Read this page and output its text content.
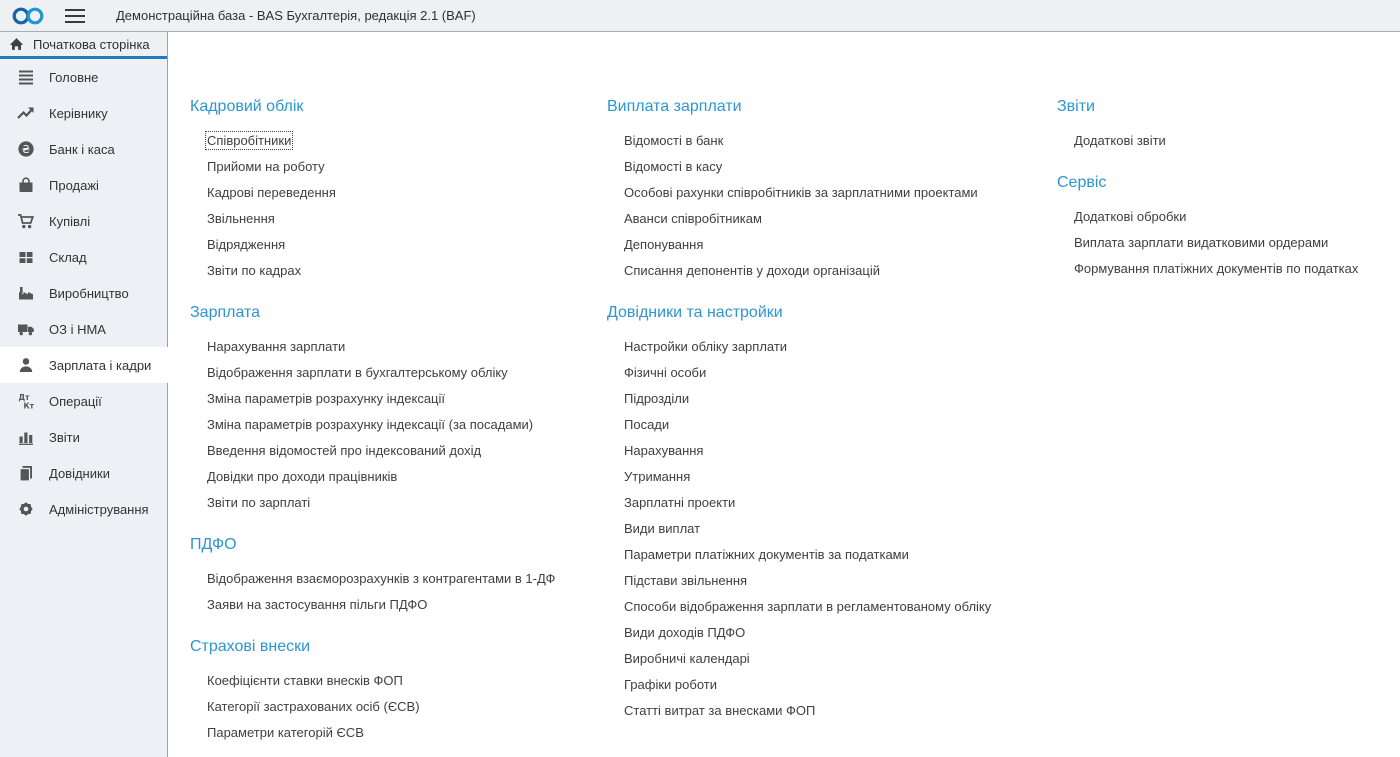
Демонстраційна база - BAS Бухгалтерія, редакція 2.1 (BAF)
Початкова сторінка
Головне
Керівнику
₴ Банк і каса
Продажі
Купівлі
Склад
Виробництво
ОЗ і НМА
Зарплата і кадри
Дт
Кт Операції
Звіти
Довідники
Адміністрування
Кадровий облік
Співробітники
Прийоми на роботу
Кадрові переведення
Звільнення
Відрядження
Звіти по кадрах
Зарплата
Нарахування зарплати
Відображення зарплати в бухгалтерському обліку
Зміна параметрів розрахунку індексації
Зміна параметрів розрахунку індексації (за посадами)
Введення відомостей про індексований дохід
Довідки про доходи працівників
Звіти по зарплаті
ПДФО
Відображення взаєморозрахунків з контрагентами в 1-ДФ
Заяви на застосування пільги ПДФО
Страхові внески
Коефіцієнти ставки внесків ФОП
Категорії застрахованих осіб (ЄСВ)
Параметри категорій ЄСВ
Виплата зарплати
Відомості в банк
Відомості в касу
Особові рахунки співробітників за зарплатними проектами
Аванси співробітникам
Депонування
Списання депонентів у доходи організацій
Довідники та настройки
Настройки обліку зарплати
Фізичні особи
Підрозділи
Посади
Нарахування
Утримання
Зарплатні проекти
Види виплат
Параметри платіжних документів за податками
Підстави звільнення
Способи відображення зарплати в регламентованому обліку
Види доходів ПДФО
Виробничі календарі
Графіки роботи
Статті витрат за внесками ФОП
Звіти
Додаткові звіти
Сервіс
Додаткові обробки
Виплата зарплати видатковими ордерами
Формування платіжних документів по податках
